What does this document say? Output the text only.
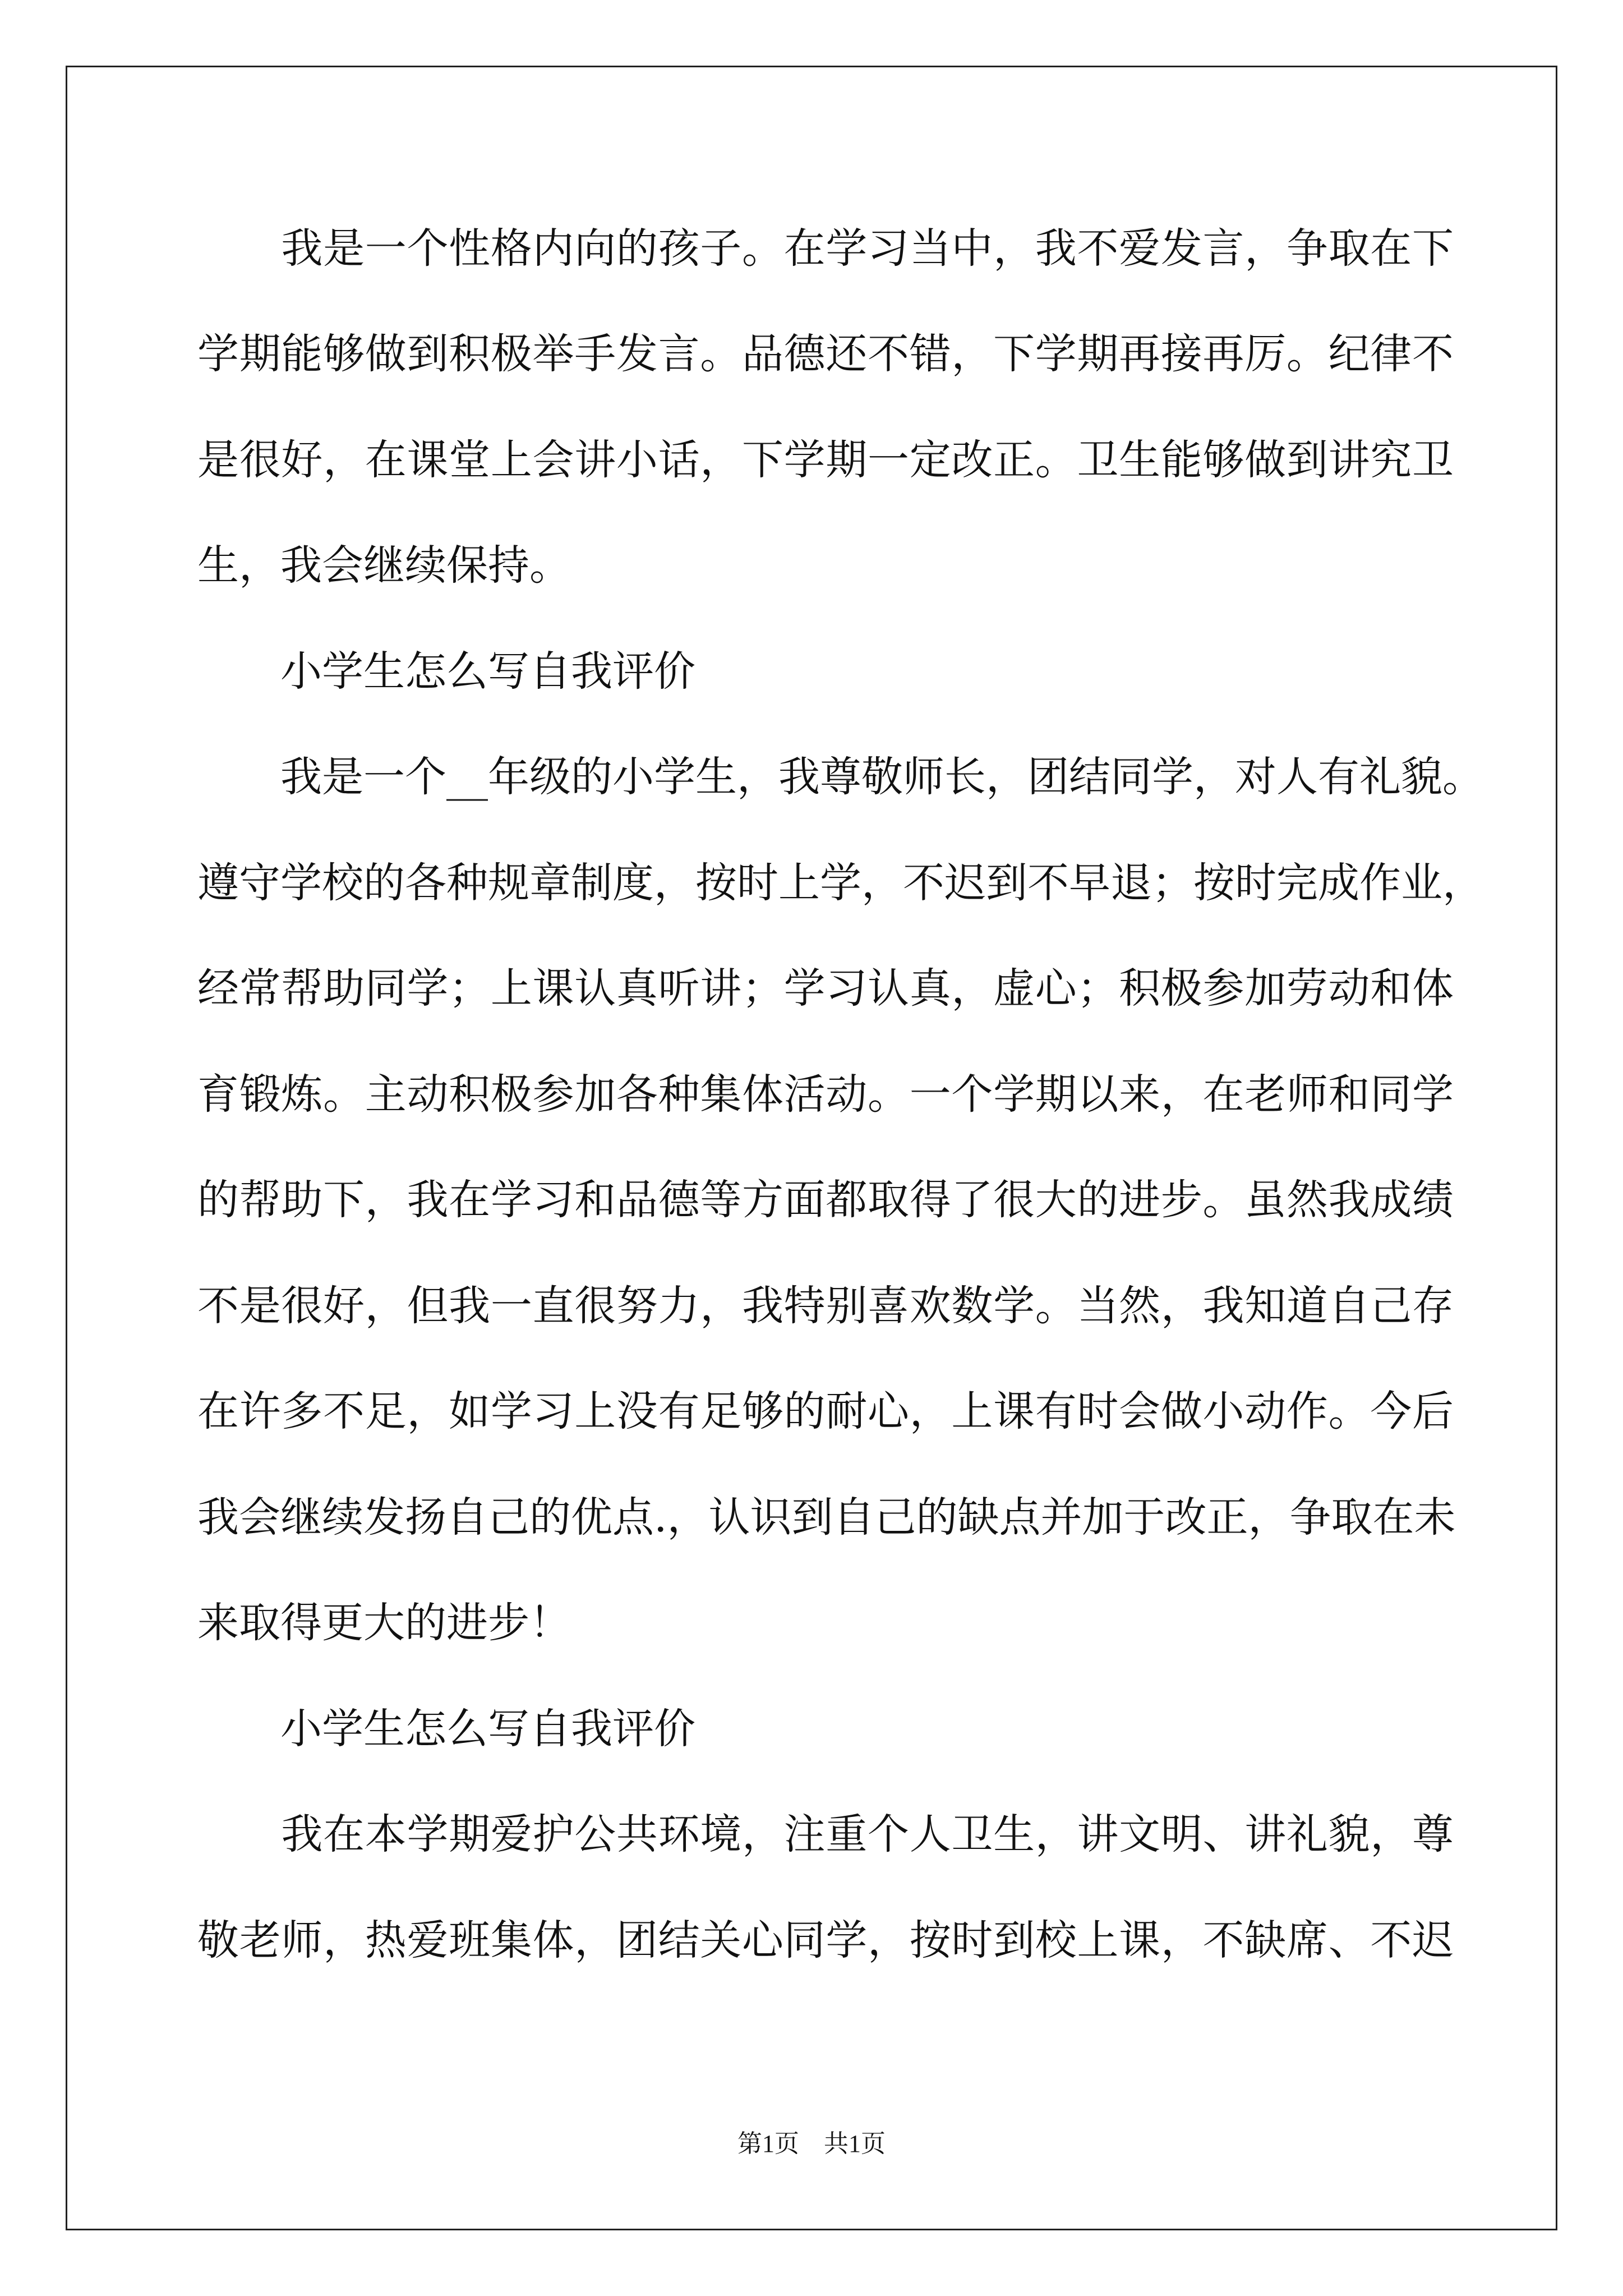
　　我是一个性格内向的孩子。在学习当中，我不爱发言，争取在下
学期能够做到积极举手发言。品德还不错，下学期再接再厉。纪律不
是很好，在课堂上会讲小话，下学期一定改正。卫生能够做到讲究卫
生，我会继续保持。
　　小学生怎么写自我评价
　　我是一个__年级的小学生，我尊敬师长，团结同学，对人有礼貌。
遵守学校的各种规章制度，按时上学，不迟到不早退；按时完成作业，
经常帮助同学；上课认真听讲；学习认真，虚心；积极参加劳动和体
育锻炼。主动积极参加各种集体活动。一个学期以来，在老师和同学
的帮助下，我在学习和品德等方面都取得了很大的进步。虽然我成绩
不是很好，但我一直很努力，我特别喜欢数学。当然，我知道自己存
在许多不足，如学习上没有足够的耐心，上课有时会做小动作。今后
我会继续发扬自己的优点.，认识到自己的缺点并加于改正，争取在未
来取得更大的进步！
　　小学生怎么写自我评价
　　我在本学期爱护公共环境，注重个人卫生，讲文明、讲礼貌，尊
敬老师，热爱班集体，团结关心同学，按时到校上课，不缺席、不迟
第1页　共1页
